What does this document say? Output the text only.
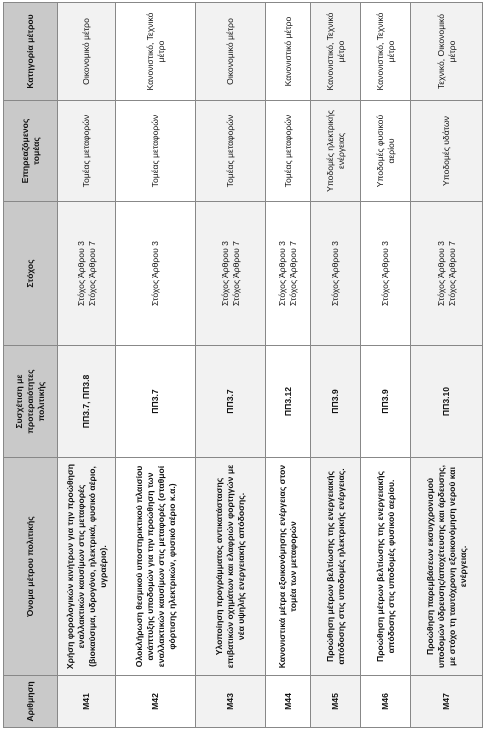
Αριθμηση	Όνομα μέτρου πολιτικής	Συσχέτιση με προτεραιότητες πολιτικής	Στόχος	Επηρεαζόμενος τομέας	Κατηγορία μέτρου
M41	Χρήση φορολογικών κινήτρων για την προώθηση εναλλακτικών καυσίμων στις μεταφορές (βιοκαύσιμα, υδρογόνο, ηλεκτρικά, φυσικό αέριο, υγραέριο).	ΠΠ3.7, ΠΠ3.8	Στόχος Άρθρου 3 Στόχος Άρθρου 7	Τομέας μεταφορών	Οικονομικό μέτρο
M42	Ολοκλήρωση θεσμικού υποστηρικτικού πλαισίου ανάπτυξης υποδομών για την προώθηση των εναλλακτικών καυσίμων στις μεταφορές (σταθμοί φόρτισης ηλεκτρικών, φυσικό αέριο κ.α.)	ΠΠ3.7	Στόχος Άρθρου 3	Τομέας μεταφορών	Κανονιστικό, Τεχνικό μέτρο
M43	Υλοποίηση προγράμματος αντικατάστασης επιβατικών οχημάτων και ελαφριών φορτηγών με νέα υψηλής ενεργειακής απόδοσης.	ΠΠ3.7	Στόχος Άρθρου 3 Στόχος Άρθρου 7	Τομέας μεταφορών	Οικονομικό μέτρο
M44	Κανονιστικά μέτρα εξοικονόμησης ενέργειας στον τομέα των μεταφορών	ΠΠ3.12	Στόχος Άρθρου 3 Στόχος Άρθρου 7	Τομέας μεταφορών	Κανονιστικό μέτρο
M45	Προώθηση μέτρων βελτίωσης της ενεργειακής απόδοσης στις υποδομές ηλεκτρικής ενέργειας.	ΠΠ3.9	Στόχος Άρθρου 3	Υποδομές ηλεκτρικής ενέργειας	Κανονιστικό, Τεχνικό μέτρο
M46	Προώθηση μέτρων βελτίωσης της ενεργειακής απόδοσης στις υποδομές φυσικού αερίου.	ΠΠ3.9	Στόχος Άρθρου 3	Υποδομές φυσικού αερίου	Κανονιστικό, Τεχνικό μέτρο
M47	Προώθηση παρεμβάσεων εκσυγχρονισμού υποδομών ύδρευσης/αποχέτευσης και άρδευσης, με στόχο τη ταυτόχρονη εξοικονόμηση νερού και ενέργειας.	ΠΠ3.10	Στόχος Άρθρου 3 Στόχος Άρθρου 7	Υποδομές υδάτων	Τεχνικό, Οικονομικό μέτρο
